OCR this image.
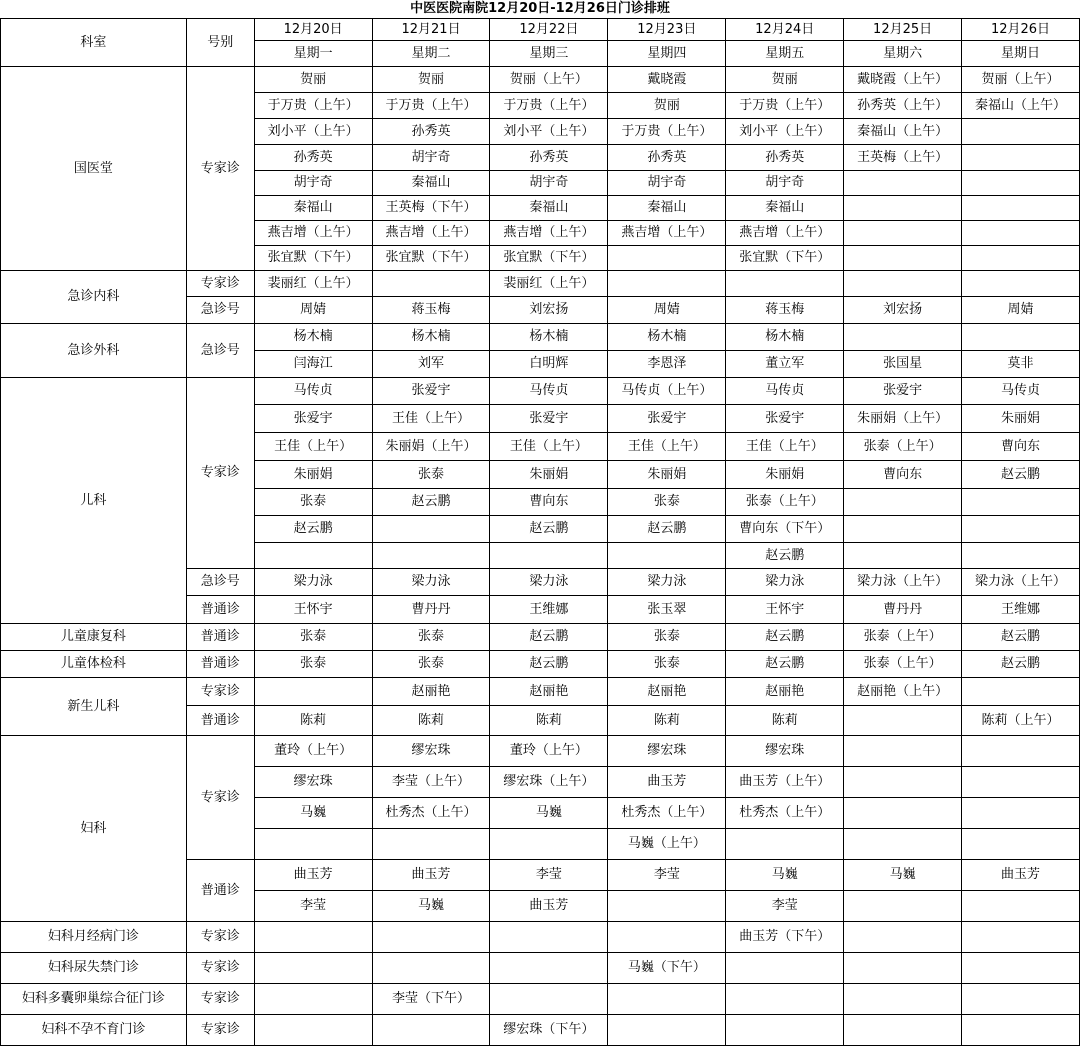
中医医院南院12月20日-12月26日门诊排班
科室	号别	12月20日	12月21日	12月22日	12月23日	12月24日	12月25日	12月26日
		星期一	星期二	星期三	星期四	星期五	星期六	星期日
国医堂	专家诊	贺丽	贺丽	贺丽（上午）	戴晓霞	贺丽	戴晓霞（上午）	贺丽（上午）
		于万贵（上午）	于万贵（上午）	于万贵（上午）	贺丽	于万贵（上午）	孙秀英（上午）	秦福山（上午）
		刘小平（上午）	孙秀英	刘小平（上午）	于万贵（上午）	刘小平（上午）	秦福山（上午）	
		孙秀英	胡宇奇	孙秀英	孙秀英	孙秀英	王英梅（上午）	
		胡宇奇	秦福山	胡宇奇	胡宇奇	胡宇奇		
		秦福山	王英梅（下午）	秦福山	秦福山	秦福山		
		燕吉增（上午）	燕吉增（上午）	燕吉增（上午）	燕吉增（上午）	燕吉增（上午）		
		张宜默（下午）	张宜默（下午）	张宜默（下午）		张宜默（下午）		
急诊内科	专家诊	裴丽红（上午）		裴丽红（上午）				
	急诊号	周婧	蒋玉梅	刘宏扬	周婧	蒋玉梅	刘宏扬	周婧
急诊外科	急诊号	杨木楠	杨木楠	杨木楠	杨木楠	杨木楠		
		闫海江	刘军	白明辉	李恩泽	董立军	张国星	莫非
儿科	专家诊	马传贞	张爱宇	马传贞	马传贞（上午）	马传贞	张爱宇	马传贞
		张爱宇	王佳（上午）	张爱宇	张爱宇	张爱宇	朱丽娟（上午）	朱丽娟
		王佳（上午）	朱丽娟（上午）	王佳（上午）	王佳（上午）	王佳（上午）	张泰（上午）	曹向东
		朱丽娟	张泰	朱丽娟	朱丽娟	朱丽娟	曹向东	赵云鹏
		张泰	赵云鹏	曹向东	张泰	张泰（上午）		
		赵云鹏		赵云鹏	赵云鹏	曹向东（下午）		
						赵云鹏		
	急诊号	梁力泳	梁力泳	梁力泳	梁力泳	梁力泳	梁力泳（上午）	梁力泳（上午）
	普通诊	王怀宇	曹丹丹	王维娜	张玉翠	王怀宇	曹丹丹	王维娜
儿童康复科	普通诊	张泰	张泰	赵云鹏	张泰	赵云鹏	张泰（上午）	赵云鹏
儿童体检科	普通诊	张泰	张泰	赵云鹏	张泰	赵云鹏	张泰（上午）	赵云鹏
新生儿科	专家诊		赵丽艳	赵丽艳	赵丽艳	赵丽艳	赵丽艳（上午）	
	普通诊	陈莉	陈莉	陈莉	陈莉	陈莉		陈莉（上午）
妇科	专家诊	董玲（上午）	缪宏珠	董玲（上午）	缪宏珠	缪宏珠		
		缪宏珠	李莹（上午）	缪宏珠（上午）	曲玉芳	曲玉芳（上午）		
		马巍	杜秀杰（上午）	马巍	杜秀杰（上午）	杜秀杰（上午）		
					马巍（上午）			
	普通诊	曲玉芳	曲玉芳	李莹	李莹	马巍	马巍	曲玉芳
		李莹	马巍	曲玉芳		李莹		
妇科月经病门诊	专家诊					曲玉芳（下午）		
妇科尿失禁门诊	专家诊				马巍（下午）			
妇科多囊卵巢综合征门诊	专家诊		李莹（下午）					
妇科不孕不育门诊	专家诊			缪宏珠（下午）				
